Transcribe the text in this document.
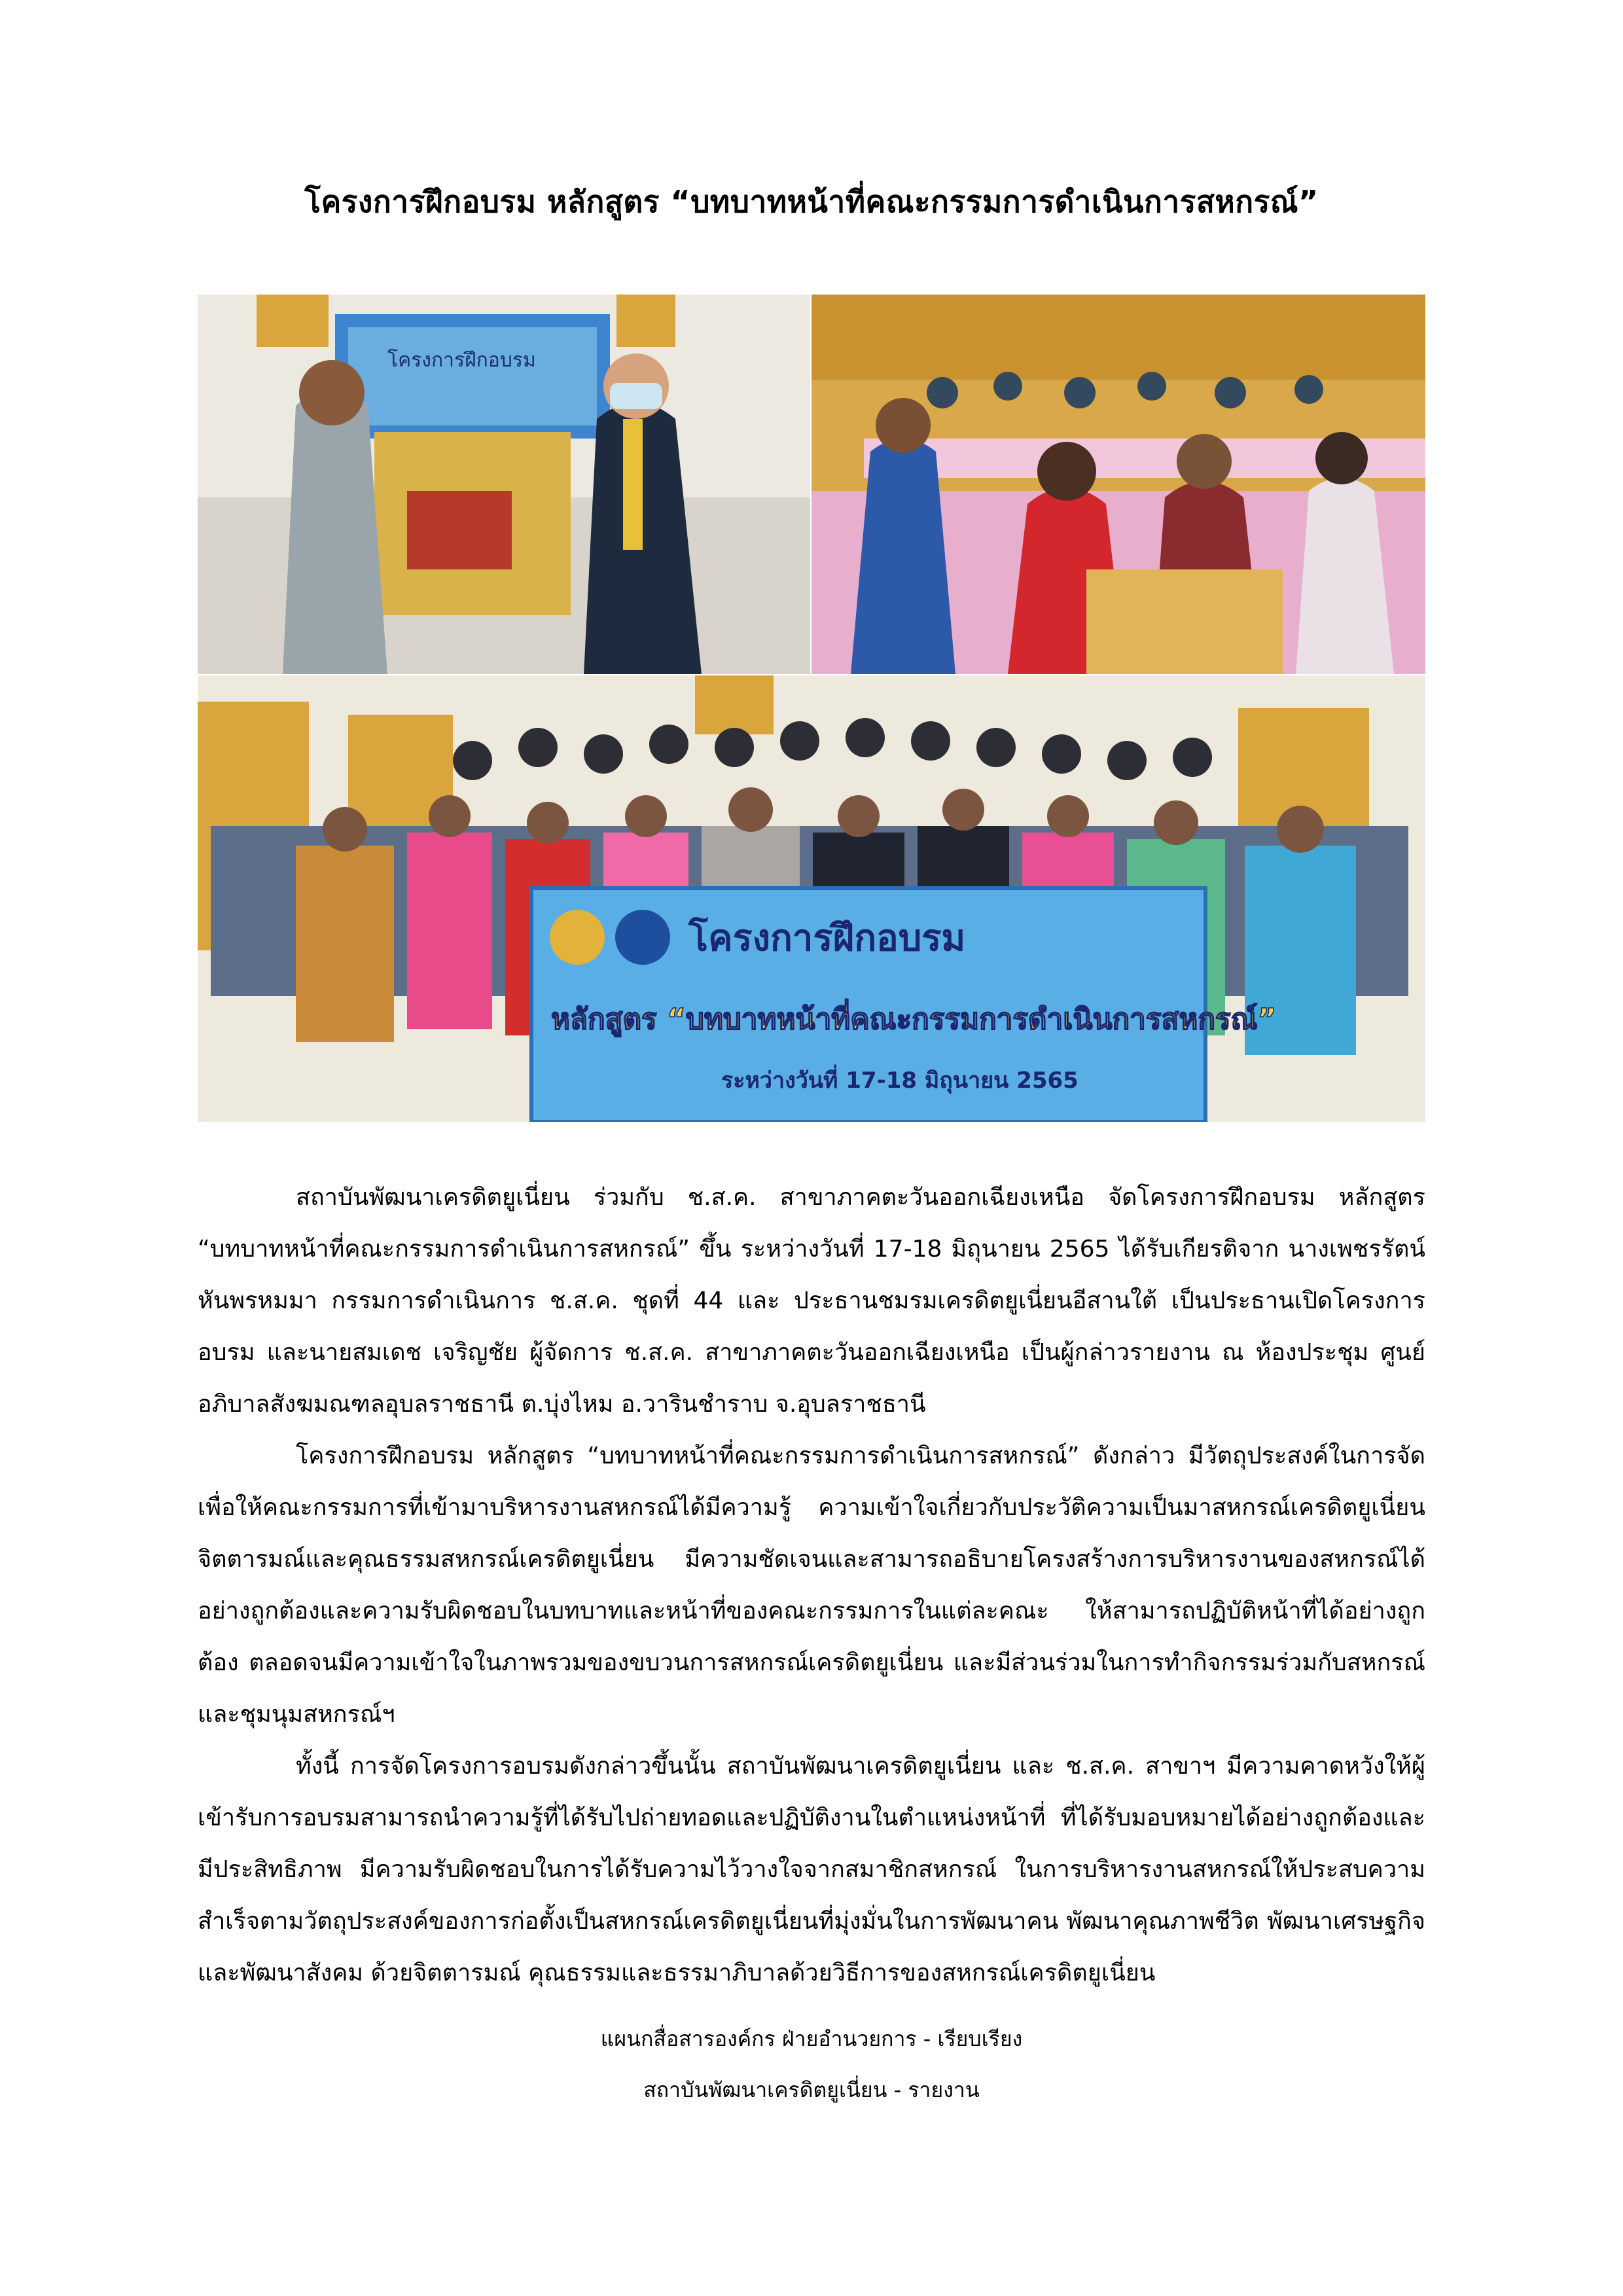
โครงการฝึกอบรม หลักสูตร “บทบาทหน้าที่คณะกรรมการดำเนินการสหกรณ์”
โครงการฝึกอบรม
โครงการฝึกอบรม
หลักสูตร “บทบาทหน้าที่คณะกรรมการดำเนินการสหกรณ์”
ระหว่างวันที่ 17-18 มิถุนายน 2565

สถาบันพัฒนาเครดิตยูเนี่ยน ร่วมกับ ช.ส.ค. สาขาภาคตะวันออกเฉียงเหนือ จัดโครงการฝึกอบรม หลักสูตร “บทบาทหน้าที่คณะกรรมการดำเนินการสหกรณ์” ขึ้น ระหว่างวันที่ 17-18 มิถุนายน 2565 ได้รับเกียรติจาก นางเพชรรัตน์ หันพรหมมา กรรมการดำเนินการ ช.ส.ค. ชุดที่ 44 และ ประธานชมรมเครดิตยูเนี่ยนอีสานใต้ เป็นประธานเปิดโครงการอบรม และนายสมเดช เจริญชัย ผู้จัดการ ช.ส.ค. สาขาภาคตะวันออกเฉียงเหนือ เป็นผู้กล่าวรายงาน ณ ห้องประชุม ศูนย์อภิบาลสังฆมณฑลอุบลราชธานี ต.บุ่งไหม อ.วารินชำราบ จ.อุบลราชธานี

โครงการฝึกอบรม หลักสูตร “บทบาทหน้าที่คณะกรรมการดำเนินการสหกรณ์” ดังกล่าว มีวัตถุประสงค์ในการจัดเพื่อให้คณะกรรมการที่เข้ามาบริหารงานสหกรณ์ได้มีความรู้ ความเข้าใจเกี่ยวกับประวัติความเป็นมาสหกรณ์เครดิตยูเนี่ยน จิตตารมณ์และคุณธรรมสหกรณ์เครดิตยูเนี่ยน มีความชัดเจนและสามารถอธิบายโครงสร้างการบริหารงานของสหกรณ์ได้อย่างถูกต้องและความรับผิดชอบในบทบาทและหน้าที่ของคณะกรรมการในแต่ละคณะ ให้สามารถปฏิบัติหน้าที่ได้อย่างถูกต้อง ตลอดจนมีความเข้าใจในภาพรวมของขบวนการสหกรณ์เครดิตยูเนี่ยน และมีส่วนร่วมในการทำกิจกรรมร่วมกับสหกรณ์และชุมนุมสหกรณ์ฯ

ทั้งนี้ การจัดโครงการอบรมดังกล่าวขึ้นนั้น สถาบันพัฒนาเครดิตยูเนี่ยน และ ช.ส.ค. สาขาฯ มีความคาดหวังให้ผู้เข้ารับการอบรมสามารถนำความรู้ที่ได้รับไปถ่ายทอดและปฏิบัติงานในตำแหน่งหน้าที่ ที่ได้รับมอบหมายได้อย่างถูกต้องและมีประสิทธิภาพ มีความรับผิดชอบในการได้รับความไว้วางใจจากสมาชิกสหกรณ์ ในการบริหารงานสหกรณ์ให้ประสบความสำเร็จตามวัตถุประสงค์ของการก่อตั้งเป็นสหกรณ์เครดิตยูเนี่ยนที่มุ่งมั่นในการพัฒนาคน พัฒนาคุณภาพชีวิต พัฒนาเศรษฐกิจ และพัฒนาสังคม ด้วยจิตตารมณ์ คุณธรรมและธรรมาภิบาลด้วยวิธีการของสหกรณ์เครดิตยูเนี่ยน

แผนกสื่อสารองค์กร ฝ่ายอำนวยการ - เรียบเรียง
สถาบันพัฒนาเครดิตยูเนี่ยน - รายงาน
